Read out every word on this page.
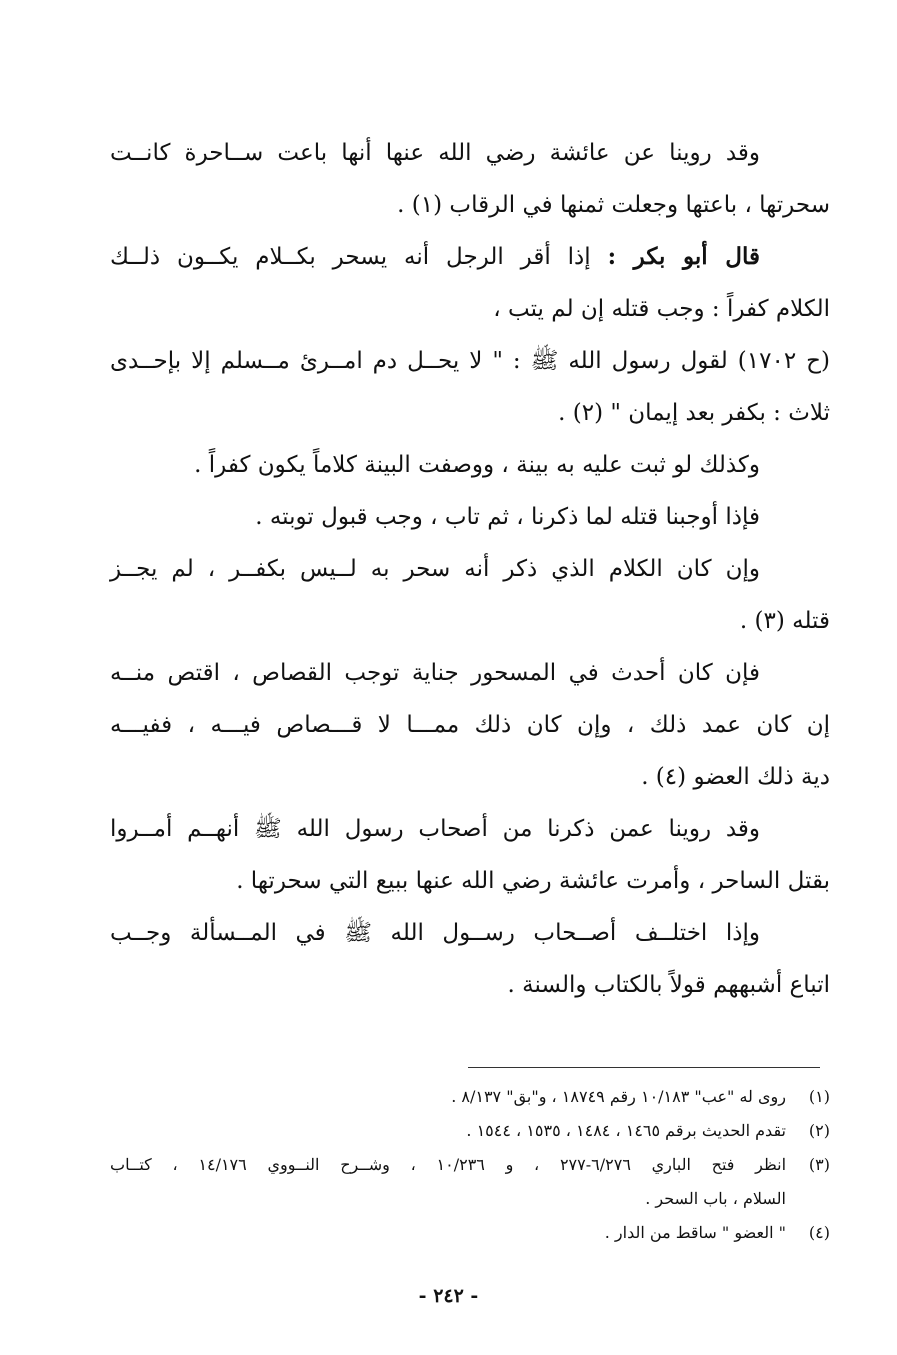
وقد روينا عن عائشة رضي الله عنها أنها باعت ســاحرة كانــت
سحرتها ، باعتها وجعلت ثمنها في الرقاب (١) .
قال أبو بكر : إذا أقر الرجل أنه يسحر بكــلام يكــون ذلــك
الكلام كفراً : وجب قتله إن لم يتب ،
(ح ١٧٠٢) لقول رسول الله ﷺ : " لا يحــل دم امــرئ مــسلم إلا بإحــدى
ثلاث : بكفر بعد إيمان " (٢) .
وكذلك لو ثبت عليه به بينة ، ووصفت البينة كلاماً يكون كفراً .
فإذا أوجبنا قتله لما ذكرنا ، ثم تاب ، وجب قبول توبته .
وإن كان الكلام الذي ذكر أنه سحر به لــيس بكفــر ، لم يجــز
قتله (٣) .
فإن كان أحدث في المسحور جناية توجب القصاص ، اقتص منــه
إن كان عمد ذلك ، وإن كان ذلك ممـــا لا قـــصاص فيـــه ، ففيـــه
دية ذلك العضو (٤) .
وقد روينا عمن ذكرنا من أصحاب رسول الله ﷺ أنهــم أمــروا
بقتل الساحر ، وأمرت عائشة رضي الله عنها ببيع التي سحرتها .
وإذا اختلــف أصــحاب رســول الله ﷺ في المــسألة وجــب
اتباع أشبههم قولاً بالكتاب والسنة .
(١)
روى له "عب" ١٠/١٨٣ رقم ١٨٧٤٩ ، و"بق" ٨/١٣٧ .
(٢)
تقدم الحديث برقم ١٤٦٥ ، ١٤٨٤ ، ١٥٣٥ ، ١٥٤٤ .
(٣)
انظر فتح الباري ٦/٢٧٦-٢٧٧ ، و ١٠/٢٣٦ ، وشــرح النــووي ١٤/١٧٦ ، كتــاب
السلام ، باب السحر .
(٤)
" العضو " ساقط من الدار .
- ٢٤٢ -
